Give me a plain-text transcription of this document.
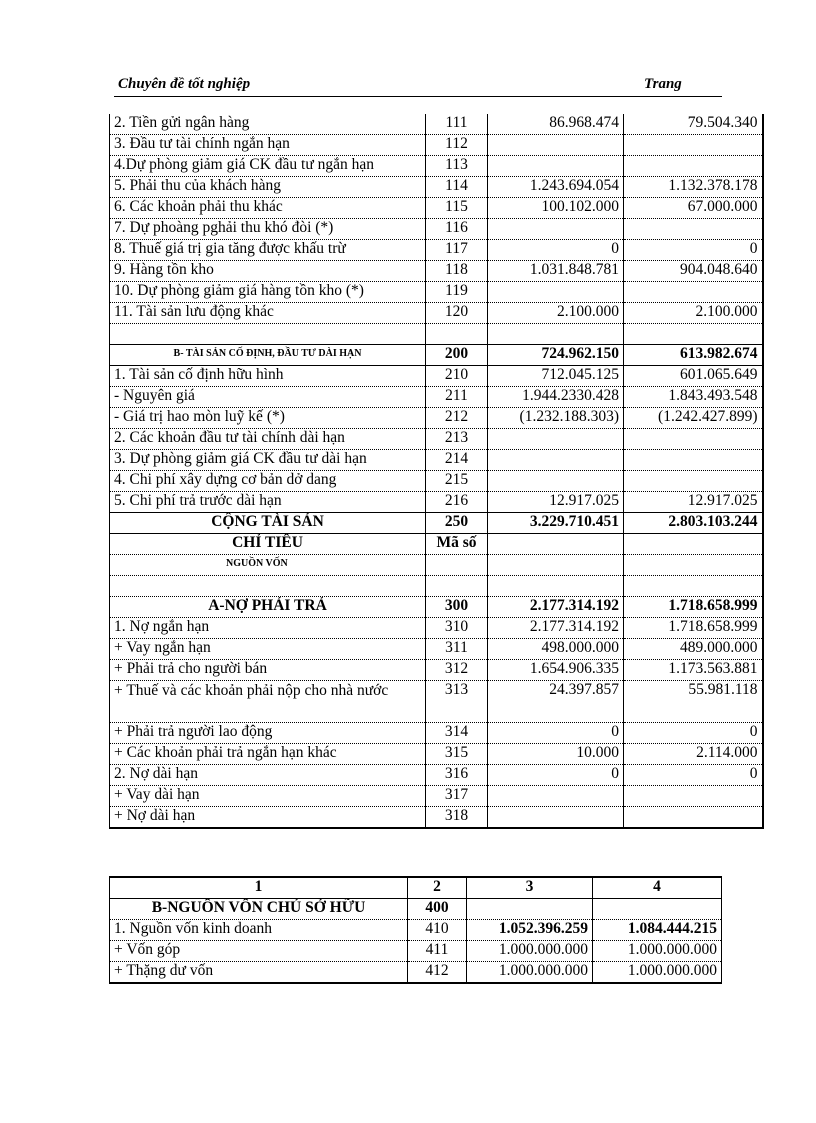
Chuyên đề tốt nghiệp	Trang
2. Tiền gửi ngân hàng	111	86.968.474	79.504.340
3. Đầu tư tài chính ngắn hạn	112		
4.Dự phòng giảm giá CK đầu tư ngắn hạn	113		
5. Phải thu của khách hàng	114	1.243.694.054	1.132.378.178
6. Các khoản phải thu khác	115	100.102.000	67.000.000
7. Dự phoàng pghải thu khó đòi (*)	116		
8. Thuế giá trị gia tăng được khấu trừ	117	0	0
9. Hàng tồn kho	118	1.031.848.781	904.048.640
10. Dự phòng giảm giá hàng tồn kho (*)	119		
11. Tài sản lưu động khác	120	2.100.000	2.100.000

B- TÀI SẢN CỐ ĐỊNH, ĐẦU TƯ DÀI HẠN	200	724.962.150	613.982.674
1. Tài sản cố định hữu hình	210	712.045.125	601.065.649
- Nguyên giá	211	1.944.2330.428	1.843.493.548
- Giá trị hao mòn luỹ kế (*)	212	(1.232.188.303)	(1.242.427.899)
2. Các khoản đầu tư tài chính dài hạn	213		
3. Dự phòng giảm giá CK đầu tư dài hạn	214		
4. Chi phí xây dựng cơ bản dở dang	215		
5. Chi phí trả trước dài hạn	216	12.917.025	12.917.025
CỘNG TÀI SẢN	250	3.229.710.451	2.803.103.244
CHỈ TIÊU	Mã số		
NGUỒN VỐN			

A-NỢ PHẢI TRẢ	300	2.177.314.192	1.718.658.999
1. Nợ ngắn hạn	310	2.177.314.192	1.718.658.999
+ Vay ngắn hạn	311	498.000.000	489.000.000
+ Phải trả cho người bán	312	1.654.906.335	1.173.563.881
+ Thuế và các khoản phải nộp cho nhà nước	313	24.397.857	55.981.118
+ Phải trả người lao động	314	0	0
+ Các khoản phải trả ngắn hạn khác	315	10.000	2.114.000
2. Nợ dài hạn	316	0	0
+ Vay dài hạn	317		
+ Nợ dài hạn	318		
1	2	3	4
B-NGUỒN VỐN CHỦ SỞ HỮU	400		
1. Nguồn vốn kinh doanh	410	1.052.396.259	1.084.444.215
+ Vốn góp	411	1.000.000.000	1.000.000.000
+ Thặng dư vốn	412	1.000.000.000	1.000.000.000
